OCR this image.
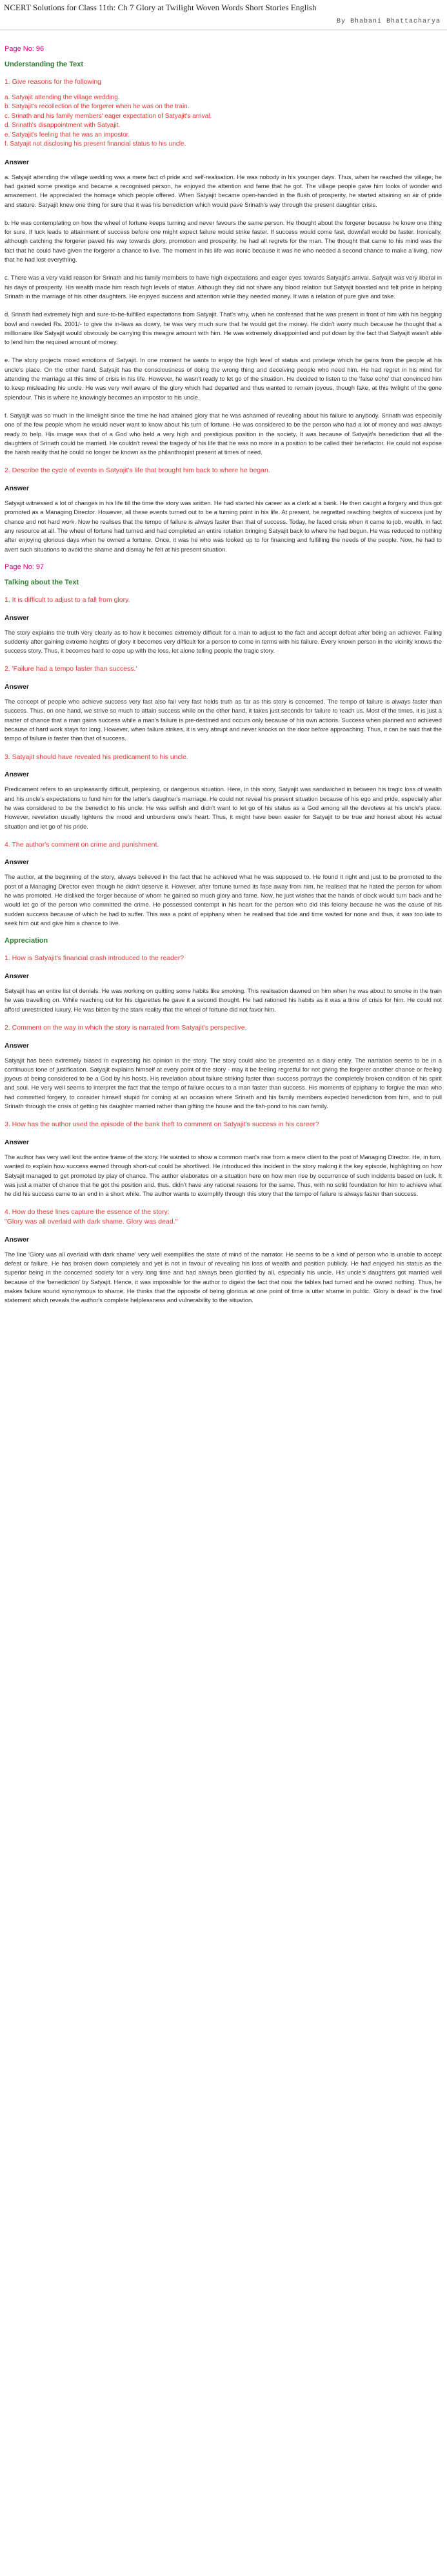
NCERT Solutions for Class 11th: Ch 7 Glory at Twilight Woven Words Short Stories English
By Bhabani Bhattacharya
Page No: 96
Understanding the Text
1. Give reasons for the following
a. Satyajit attending the village wedding.
b. Satyajit's recollection of the forgerer when he was on the train.
c. Srinath and his family members' eager expectation of Satyajit's arrival.
d. Srinath's disappointment with Satyajit.
e. Satyajit's feeling that he was an impostor.
f. Satyajit not disclosing his present financial status to his uncle.
Answer

a. Satyajit attending the village wedding was a mere fact of pride and self-realisation. He was nobody in his younger days. Thus, when he reached the village, he had gained some prestige and became a recognised person, he enjoyed the attention and fame that he got. The village people gave him looks of wonder and amazement. He appreciated the homage which people offered. When Satyajit became open-handed in the flush of prosperity, he started attaining an air of pride and stature. Satyajit knew one thing for sure that it was his benediction which would pave Srinath's way through the present daughter crisis.

b. He was contemplating on how the wheel of fortune keeps turning and never favours the same person. He thought about the forgerer because he knew one thing for sure. If luck leads to attainment of success before one might expect failure would strike faster. If success would come fast, downfall would be faster. Ironically, although catching the forgerer paved his way towards glory, promotion and prosperity, he had all regrets for the man. The thought that came to his mind was the fact that he could have given the forgerer a chance to live. The moment in his life was ironic because it was he who needed a second chance to make a living, now that he had lost everything.

c. There was a very valid reason for Srinath and his family members to have high expectations and eager eyes towards Satyajit's arrival. Satyajit was very liberal in his days of prosperity. His wealth made him reach high levels of status. Although they did not share any blood relation but Satyajit boasted and felt pride in helping Srinath in the marriage of his other daughters. He enjoyed success and attention while they needed money. It was a relation of pure give and take.

d. Srinath had extremely high and sure-to-be-fulfilled expectations from Satyajit. That's why, when he confessed that he was present in front of him with his begging bowl and needed Rs. 2001/- to give the in-laws as dowry, he was very much sure that he would get the money. He didn't worry much because he thought that a millionaire like Satyajit would obviously be carrying this meagre amount with him. He was extremely disappointed and put down by the fact that Satyajit wasn't able to lend him the required amount of money.

e. The story projects mixed emotions of Satyajit. In one moment he wants to enjoy the high level of status and privilege which he gains from the people at his uncle's place. On the other hand, Satyajit has the consciousness of doing the wrong thing and deceiving people who need him. He had regret in his mind for attending the marriage at this time of crisis in his life. However, he wasn't ready to let go of the situation. He decided to listen to the 'false echo' that convinced him to keep misleading his uncle. He was very well aware of the glory which had departed and thus wanted to remain joyous, though fake, at this twilight of the gone splendour. This is where he knowingly becomes an impostor to his uncle.

f. Satyajit was so much in the limelight since the time he had attained glory that he was ashamed of revealing about his failure to anybody. Srinath was especially one of the few people whom he would never want to know about his turn of fortune. He was considered to be the person who had a lot of money and was always ready to help. His image was that of a God who held a very high and prestigious position in the society. It was because of Satyajit's benediction that all the daughters of Srinath could be married. He couldn't reveal the tragedy of his life that he was no more in a position to be called their benefactor. He could not expose the harsh reality that he could no longer be known as the philanthropist present at times of need.

2. Describe the cycle of events in Satyajit's life that brought him back to where he began.
Answer

Satyajit witnessed a lot of changes in his life till the time the story was written. He had started his career as a clerk at a bank. He then caught a forgery and thus got promoted as a Managing Director. However, all these events turned out to be a turning point in his life. At present, he regretted reaching heights of success just by chance and not hard work. Now he realises that the tempo of failure is always faster than that of success. Today, he faced crisis when it came to job, wealth, in fact any resource at all. The wheel of fortune had turned and had completed an entire rotation bringing Satyajit back to where he had begun. He was reduced to nothing after enjoying glorious days when he owned a fortune. Once, it was he who was looked up to for financing and fulfilling the needs of the people. Now, he had to avert such situations to avoid the shame and dismay he felt at his present situation.

Page No: 97
Talking about the Text
1. It is difficult to adjust to a fall from glory.
Answer

The story explains the truth very clearly as to how it becomes extremely difficult for a man to adjust to the fact and accept defeat after being an achiever. Falling suddenly after gaining extreme heights of glory it becomes very difficult for a person to come in terms with his failure. Every known person in the vicinity knows the success story. Thus, it becomes hard to cope up with the loss, let alone telling people the tragic story.

2. 'Failure had a tempo faster than success.'
Answer

The concept of people who achieve success very fast also fail very fast holds truth as far as this story is concerned. The tempo of failure is always faster than success. Thus, on one hand, we strive so much to attain success while on the other hand, it takes just seconds for failure to reach us. Most of the times, it is just a matter of chance that a man gains success while a man's failure is pre-destined and occurs only because of his own actions. Success when planned and achieved because of hard work stays for long. However, when failure strikes, it is very abrupt and never knocks on the door before approaching. Thus, it can be said that the tempo of failure is faster than that of success.

3. Satyajit should have revealed his predicament to his uncle.
Answer

Predicament refers to an unpleasantly difficult, perplexing, or dangerous situation. Here, in this story, Satyajit was sandwiched in between his tragic loss of wealth and his uncle's expectations to fund him for the latter's daughter's marriage. He could not reveal his present situation because of his ego and pride, especially after he was considered to be the benedict to his uncle. He was selfish and didn't want to let go of his status as a God among all the devotees at his uncle's place. However, revelation usually lightens the mood and unburdens one's heart. Thus, it might have been easier for Satyajit to be true and honest about his actual situation and let go of his pride.

4. The author's comment on crime and punishment.
Answer

The author, at the beginning of the story, always believed in the fact that he achieved what he was supposed to. He found it right and just to be promoted to the post of a Managing Director even though he didn't deserve it. However, after fortune turned its face away from him, he realised that he hated the person for whom he was promoted. He disliked the forger because of whom he gained so much glory and fame. Now, he just wishes that the hands of clock would turn back and he would let go of the person who committed the crime. He possessed contempt in his heart for the person who did this felony because he was the cause of his sudden success because of which he had to suffer. This was a point of epiphany when he realised that tide and time waited for none and thus, it was too late to seek him out and give him a chance to live.

Appreciation
1. How is Satyajit's financial crash introduced to the reader?
Answer

Satyajit has an entire list of denials. He was working on quitting some habits like smoking. This realisation dawned on him when he was about to smoke in the train he was travelling on. While reaching out for his cigarettes he gave it a second thought. He had rationed his habits as it was a time of crisis for him. He could not afford unrestricted luxury. He was bitten by the stark reality that the wheel of fortune did not favor him.

2. Comment on the way in which the story is narrated from Satyajit's perspective.
Answer

Satyajit has been extremely biased in expressing his opinion in the story. The story could also be presented as a diary entry. The narration seems to be in a continuous tone of justification. Satyajit explains himself at every point of the story - may it be feeling regretful for not giving the forgerer another chance or feeling joyous at being considered to be a God by his hosts. His revelation about failure striking faster than success portrays the completely broken condition of his spirit and soul. He very well seems to interpret the fact that the tempo of failure occurs to a man faster than success. His moments of epiphany to forgive the man who had committed forgery, to consider himself stupid for coming at an occasion where Srinath and his family members expected benediction from him, and to pull Srinath through the crisis of getting his daughter married rather than gifting the house and the fish-pond to his own family.

3. How has the author used the episode of the bank theft to comment on Satyajit's success in his career?
Answer

The author has very well knit the entire frame of the story. He wanted to show a common man's rise from a mere client to the post of Managing Director. He, in turn, wanted to explain how success earned through short-cut could be shortlived. He introduced this incident in the story making it the key episode, highlighting on how Satyajit managed to get promoted by play of chance. The author elaborates on a situation here on how men rise by occurrence of such incidents based on luck. It was just a matter of chance that he got the position and, thus, didn't have any rational reasons for the same. Thus, with no solid foundation for him to achieve what he did his success came to an end in a short while. The author wants to exemplify through this story that the tempo of failure is always faster than success.

4. How do these lines capture the essence of the story:
"Glory was all overlaid with dark shame. Glory was dead."
Answer

The line 'Glory was all overlaid with dark shame' very well exemplifies the state of mind of the narrator. He seems to be a kind of person who is unable to accept defeat or failure. He has broken down completely and yet is not in favour of revealing his loss of wealth and position publicly. He had enjoyed his status as the superior being in the concerned society for a very long time and had always been glorified by all, especially his uncle. His uncle's daughters got married well because of the 'benediction' by Satyajit. Hence, it was impossible for the author to digest the fact that now the tables had turned and he owned nothing. Thus, he makes failure sound synonymous to shame. He thinks that the opposite of being glorious at one point of time is utter shame in public. 'Glory is dead' is the final statement which reveals the author's complete helplessness and vulnerability to the situation.
